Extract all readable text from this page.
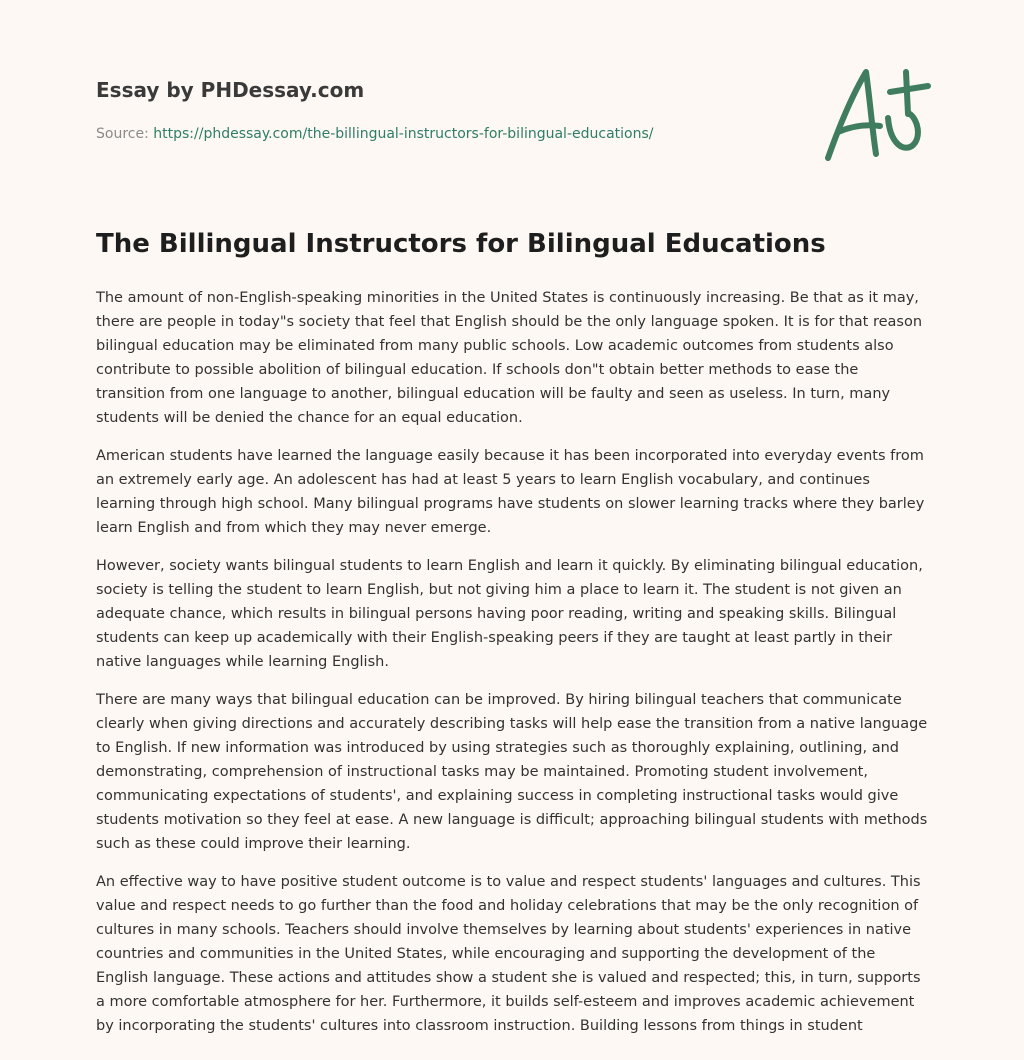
Essay by PHDessay.com
Source: https://phdessay.com/the-billingual-instructors-for-bilingual-educations/
The Billingual Instructors for Bilingual Educations

The amount of non-English-speaking minorities in the United States is continuously increasing. Be that as it may, there are people in today"s society that feel that English should be the only language spoken. It is for that reason bilingual education may be eliminated from many public schools. Low academic outcomes from students also contribute to possible abolition of bilingual education. If schools don"t obtain better methods to ease the transition from one language to another, bilingual education will be faulty and seen as useless. In turn, many students will be denied the chance for an equal education.

American students have learned the language easily because it has been incorporated into everyday events from an extremely early age. An adolescent has had at least 5 years to learn English vocabulary, and continues learning through high school. Many bilingual programs have students on slower learning tracks where they barley learn English and from which they may never emerge.

However, society wants bilingual students to learn English and learn it quickly. By eliminating bilingual education, society is telling the student to learn English, but not giving him a place to learn it. The student is not given an adequate chance, which results in bilingual persons having poor reading, writing and speaking skills. Bilingual students can keep up academically with their English-speaking peers if they are taught at least partly in their native languages while learning English.

There are many ways that bilingual education can be improved. By hiring bilingual teachers that communicate clearly when giving directions and accurately describing tasks will help ease the transition from a native language to English. If new information was introduced by using strategies such as thoroughly explaining, outlining, and demonstrating, comprehension of instructional tasks may be maintained. Promoting student involvement, communicating expectations of students', and explaining success in completing instructional tasks would give students motivation so they feel at ease. A new language is difficult; approaching bilingual students with methods such as these could improve their learning.

An effective way to have positive student outcome is to value and respect students' languages and cultures. This value and respect needs to go further than the food and holiday celebrations that may be the only recognition of cultures in many schools. Teachers should involve themselves by learning about students' experiences in native countries and communities in the United States, while encouraging and supporting the development of the English language. These actions and attitudes show a student she is valued and respected; this, in turn, supports a more comfortable atmosphere for her. Furthermore, it builds self-esteem and improves academic achievement by incorporating the students' cultures into classroom instruction. Building lessons from things in student
